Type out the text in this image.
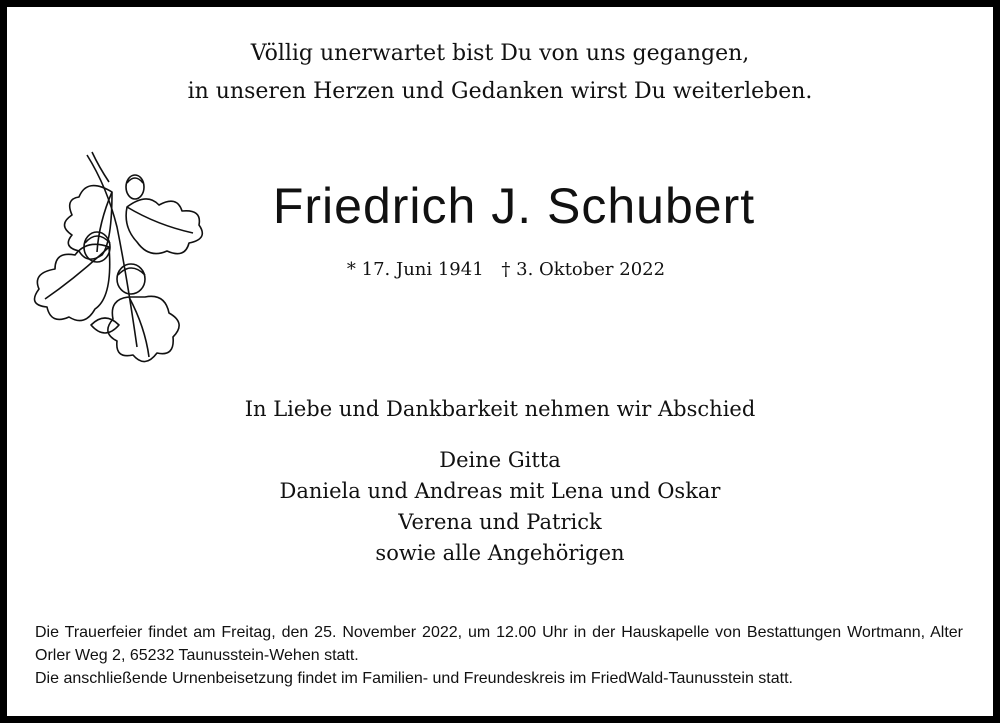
Völlig unerwartet bist Du von uns gegangen,
in unseren Herzen und Gedanken wirst Du weiterleben.
Friedrich J. Schubert
* 17. Juni 1941 † 3. Oktober 2022
In Liebe und Dankbarkeit nehmen wir Abschied
Deine Gitta
Daniela und Andreas mit Lena und Oskar
Verena und Patrick
sowie alle Angehörigen
Die Trauerfeier findet am Freitag, den 25. November 2022, um 12.00 Uhr in der Hauskapelle von Bestattungen Wortmann, Alter Orler Weg 2, 65232 Taunusstein-Wehen statt.
Die anschließende Urnenbeisetzung findet im Familien- und Freundeskreis im FriedWald-Taunusstein statt.
